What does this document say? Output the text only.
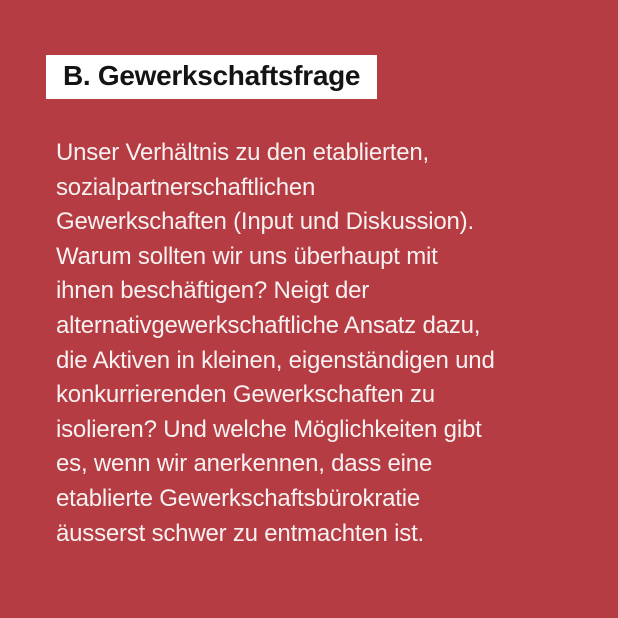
B. Gewerkschaftsfrage
Unser Verhältnis zu den etablierten,
sozialpartnerschaftlichen
Gewerkschaften (Input und Diskussion).
Warum sollten wir uns überhaupt mit
ihnen beschäftigen? Neigt der
alternativgewerkschaftliche Ansatz dazu,
die Aktiven in kleinen, eigenständigen und
konkurrierenden Gewerkschaften zu
isolieren? Und welche Möglichkeiten gibt
es, wenn wir anerkennen, dass eine
etablierte Gewerkschaftsbürokratie
äusserst schwer zu entmachten ist.
